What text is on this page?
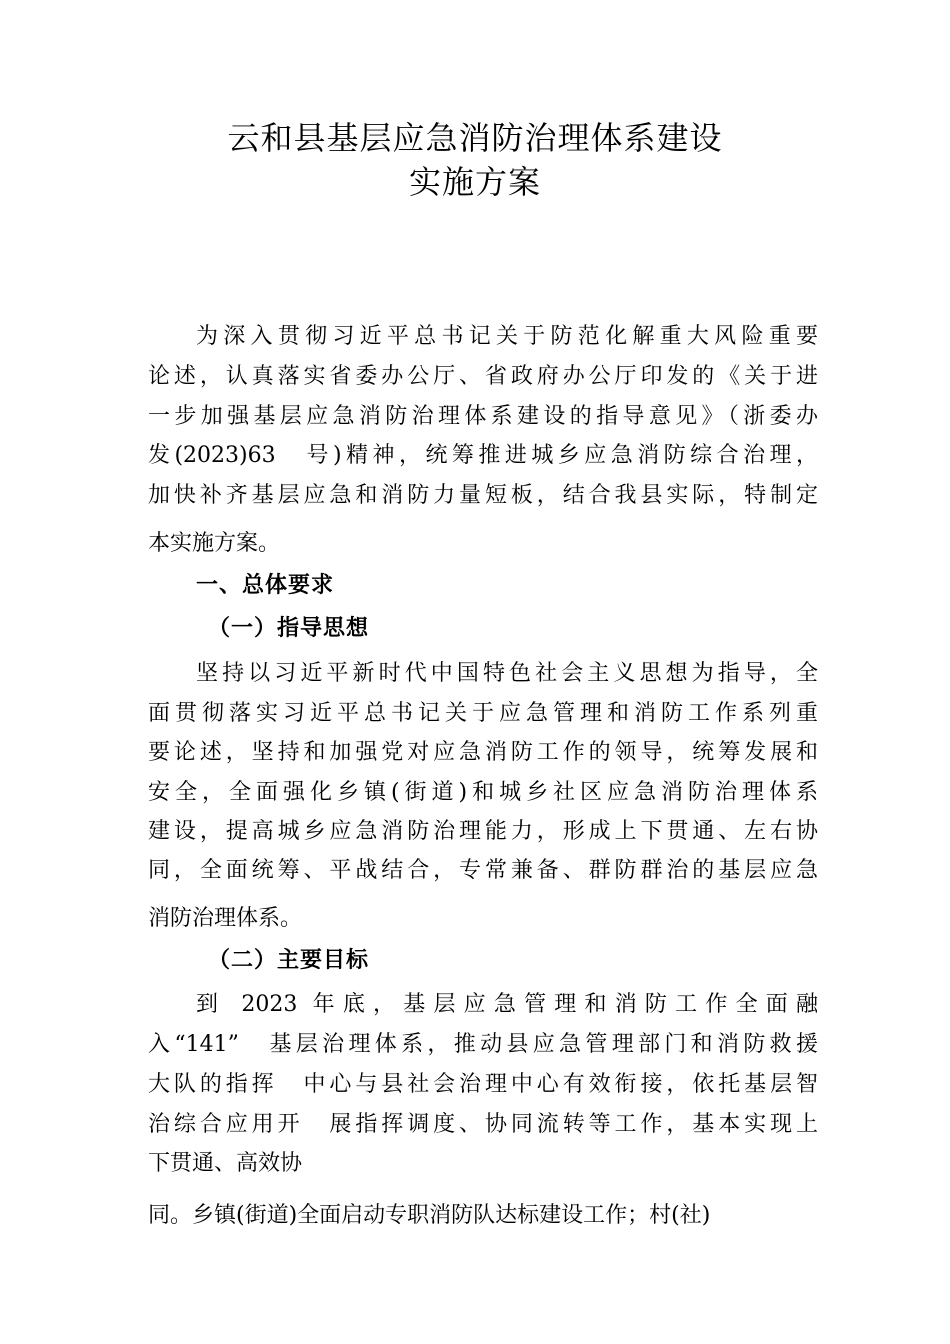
云和县基层应急消防治理体系建设
实施方案
为深入贯彻习近平总书记关于防范化解重大风险重要
论述，认真落实省委办公厅、省政府办公厅印发的《关于进
一步加强基层应急消防治理体系建设的指导意见》（浙委办
发(2023)63　号)精神，统筹推进城乡应急消防综合治理，
加快补齐基层应急和消防力量短板，结合我县实际，特制定
本实施方案。
一、总体要求
（一）指导思想
坚持以习近平新时代中国特色社会主义思想为指导，全
面贯彻落实习近平总书记关于应急管理和消防工作系列重
要论述，坚持和加强党对应急消防工作的领导，统筹发展和
安全，全面强化乡镇(街道)和城乡社区应急消防治理体系
建设，提高城乡应急消防治理能力，形成上下贯通、左右协
同，全面统筹、平战结合，专常兼备、群防群治的基层应急
消防治理体系。
（二）主要目标
到 2023 年底，基层应急管理和消防工作全面融
入“141”　基层治理体系，推动县应急管理部门和消防救援
大队的指挥　中心与县社会治理中心有效衔接，依托基层智
治综合应用开　展指挥调度、协同流转等工作，基本实现上
下贯通、高效协
同。乡镇(街道)全面启动专职消防队达标建设工作；村(社)
